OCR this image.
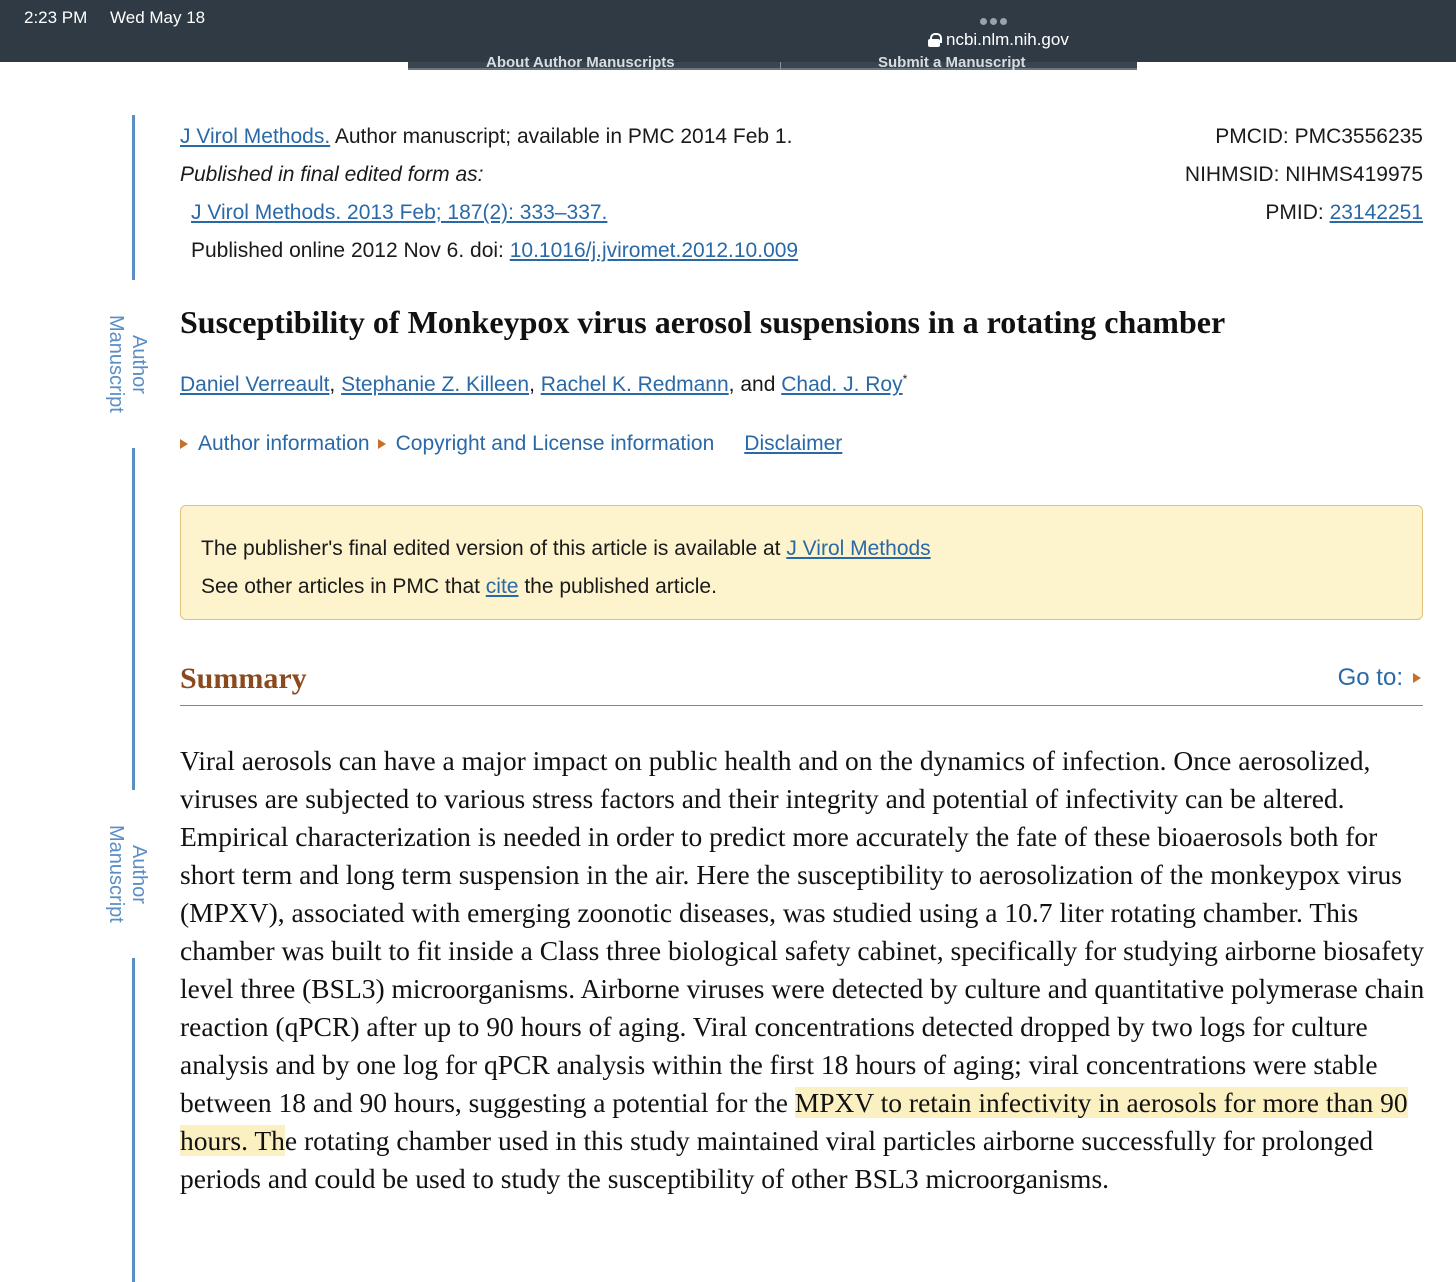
2:23 PM Wed May 18
ncbi.nlm.nih.gov
About Author Manuscripts	Submit a Manuscript
Author Manuscript
Author Manuscript
J Virol Methods. Author manuscript; available in PMC 2014 Feb 1.
Published in final edited form as:
J Virol Methods. 2013 Feb; 187(2): 333–337.
Published online 2012 Nov 6. doi: 10.1016/j.jviromet.2012.10.009
PMCID: PMC3556235
NIHMSID: NIHMS419975
PMID: 23142251
Susceptibility of Monkeypox virus aerosol suspensions in a rotating chamber
Daniel Verreault, Stephanie Z. Killeen, Rachel K. Redmann, and Chad. J. Roy*
Author information Copyright and License information Disclaimer
The publisher's final edited version of this article is available at J Virol Methods
See other articles in PMC that cite the published article.
Summary	Go to:

Viral aerosols can have a major impact on public health and on the dynamics of infection. Once aerosolized, viruses are subjected to various stress factors and their integrity and potential of infectivity can be altered. Empirical characterization is needed in order to predict more accurately the fate of these bioaerosols both for short term and long term suspension in the air. Here the susceptibility to aerosolization of the monkeypox virus (MPXV), associated with emerging zoonotic diseases, was studied using a 10.7 liter rotating chamber. This chamber was built to fit inside a Class three biological safety cabinet, specifically for studying airborne biosafety level three (BSL3) microorganisms. Airborne viruses were detected by culture and quantitative polymerase chain reaction (qPCR) after up to 90 hours of aging. Viral concentrations detected dropped by two logs for culture analysis and by one log for qPCR analysis within the first 18 hours of aging; viral concentrations were stable between 18 and 90 hours, suggesting a potential for the MPXV to retain infectivity in aerosols for more than 90 hours. The rotating chamber used in this study maintained viral particles airborne successfully for prolonged periods and could be used to study the susceptibility of other BSL3 microorganisms.
